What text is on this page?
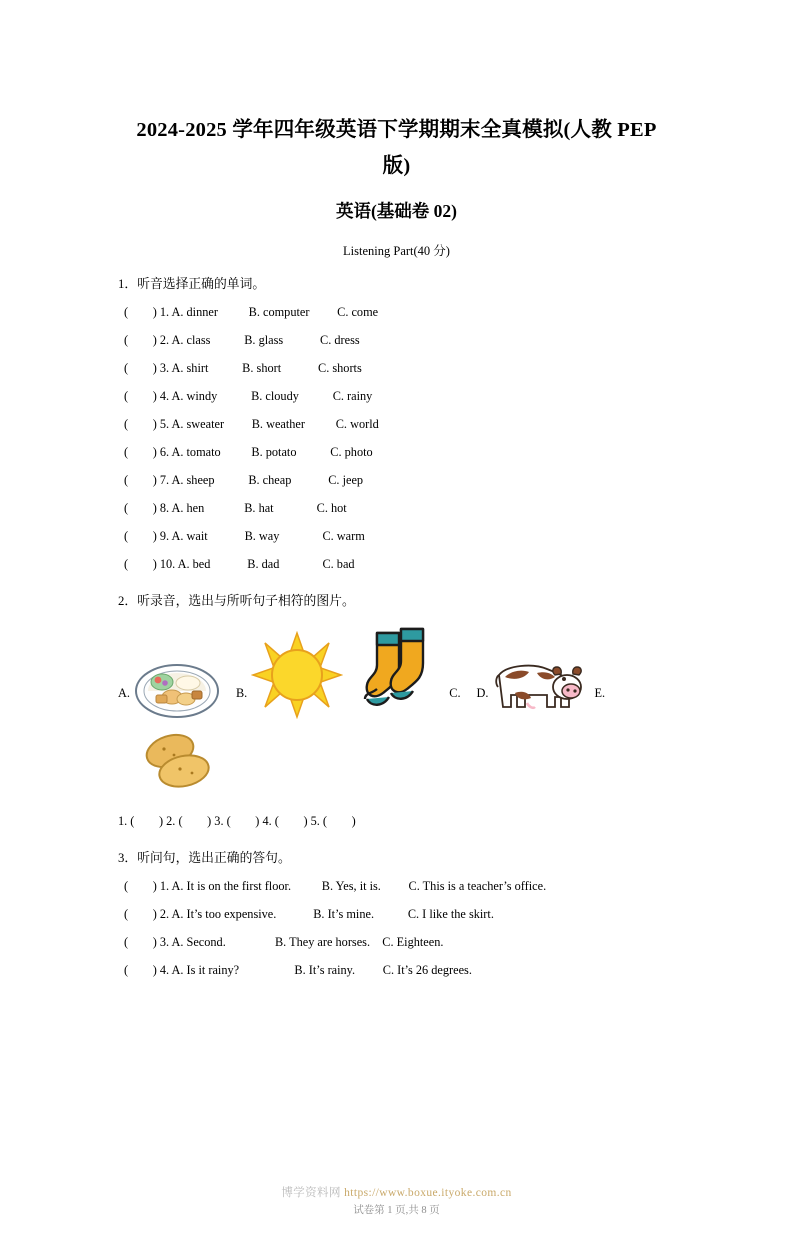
2024-2025 学年四年级英语下学期期末全真模拟(人教 PEP
版)
英语(基础卷 02)
Listening Part(40 分)
1．听音选择正确的单词。
(        ) 1. A. dinner          B. computer         C. come
(        ) 2. A. class           B. glass            C. dress
(        ) 3. A. shirt           B. short            C. shorts
(        ) 4. A. windy           B. cloudy           C. rainy
(        ) 5. A. sweater         B. weather          C. world
(        ) 6. A. tomato          B. potato           C. photo
(        ) 7. A. sheep           B. cheap            C. jeep
(        ) 8. A. hen             B. hat              C. hot
(        ) 9. A. wait            B. way              C. warm
(        ) 10. A. bed            B. dad              C. bad
2．听录音，选出与所听句子相符的图片。
A.	B.	C. D.	E.
1. (        ) 2. (        ) 3. (        ) 4. (        ) 5. (        )
3．听问句，选出正确的答句。
(        ) 1. A. It is on the first floor.          B. Yes, it is.         C. This is a teacher’s office.
(        ) 2. A. It’s too expensive.            B. It’s mine.           C. I like the skirt.
(        ) 3. A. Second.                B. They are horses.    C. Eighteen.
(        ) 4. A. Is it rainy?                  B. It’s rainy.         C. It’s 26 degrees.
博学资料网 https://www.boxue.ityoke.com.cn
试卷第 1 页,共 8 页
